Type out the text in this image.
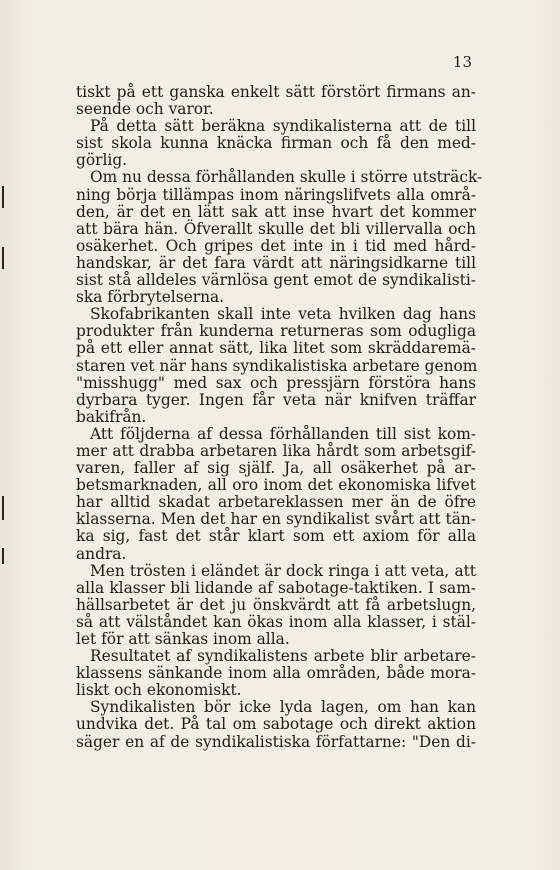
13
tiskt på ett ganska enkelt sätt förstört firmans an-
seende och varor.
På detta sätt beräkna syndikalisterna att de till
sist skola kunna knäcka firman och få den med-
görlig.
Om nu dessa förhållanden skulle i större utsträck-
ning börja tillämpas inom näringslifvets alla områ-
den, är det en lätt sak att inse hvart det kommer
att bära hän. Öfverallt skulle det bli villervalla och
osäkerhet. Och gripes det inte in i tid med hård-
handskar, är det fara värdt att näringsidkarne till
sist stå alldeles värnlösa gent emot de syndikalisti-
ska förbrytelserna.
Skofabrikanten skall inte veta hvilken dag hans
produkter från kunderna returneras som odugliga
på ett eller annat sätt, lika litet som skräddaremä-
staren vet när hans syndikalistiska arbetare genom
"misshugg" med sax och pressjärn förstöra hans
dyrbara tyger. Ingen får veta när knifven träffar
bakifrån.
Att följderna af dessa förhållanden till sist kom-
mer att drabba arbetaren lika hårdt som arbetsgif-
varen, faller af sig själf. Ja, all osäkerhet på ar-
betsmarknaden, all oro inom det ekonomiska lifvet
har alltid skadat arbetareklassen mer än de öfre
klasserna. Men det har en syndikalist svårt att tän-
ka sig, fast det står klart som ett axiom för alla
andra.
Men trösten i eländet är dock ringa i att veta, att
alla klasser bli lidande af sabotage-taktiken. I sam-
hällsarbetet är det ju önskvärdt att få arbetslugn,
så att välståndet kan ökas inom alla klasser, i stäl-
let för att sänkas inom alla.
Resultatet af syndikalistens arbete blir arbetare-
klassens sänkande inom alla områden, både mora-
liskt och ekonomiskt.
Syndikalisten bör icke lyda lagen, om han kan
undvika det. På tal om sabotage och direkt aktion
säger en af de syndikalistiska författarne: "Den di-
